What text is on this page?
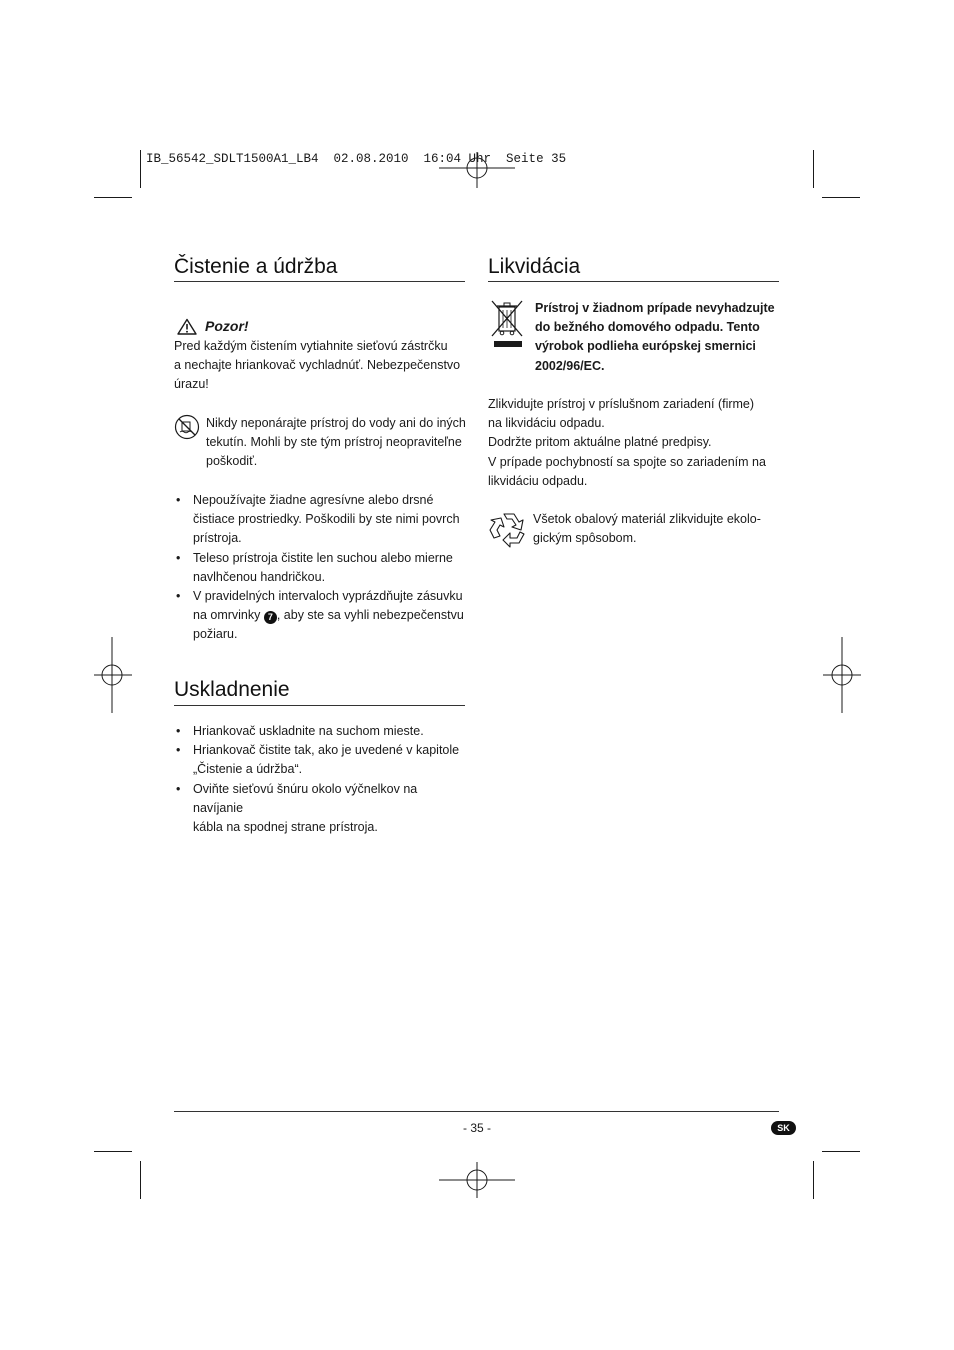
IB_56542_SDLT1500A1_LB4  02.08.2010  16:04 Uhr  Seite 35
Čistenie a údržba
Pozor!
Pred každým čistením vytiahnite sieťovú zástrčku
a nechajte hriankovač vychladnúť. Nebezpečenstvo
úrazu!
Nikdy neponárajte prístroj do vody ani do iných
tekutín. Mohli by ste tým prístroj neopraviteľne
poškodiť.
• Nepoužívajte žiadne agresívne alebo drsné
čistiace prostriedky. Poškodili by ste nimi povrch
prístroja.
• Teleso prístroja čistite len suchou alebo mierne
navlhčenou handričkou.
• V pravidelných intervaloch vyprázdňujte zásuvku
na omrvinky 7 , aby ste sa vyhli nebezpečenstvu
požiaru.
Uskladnenie
• Hriankovač uskladnite na suchom mieste.
• Hriankovač čistite tak, ako je uvedené v kapitole
„Čistenie a údržba“.
• Oviňte sieťovú šnúru okolo výčnelkov na navíjanie
kábla na spodnej strane prístroja.
Likvidácia
Prístroj v žiadnom prípade nevyhadzujte
do bežného domového odpadu. Tento
výrobok podlieha európskej smernici
2002/96/EC.
Zlikvidujte prístroj v príslušnom zariadení (firme)
na likvidáciu odpadu.
Dodržte pritom aktuálne platné predpisy.
V prípade pochybností sa spojte so zariadením na
likvidáciu odpadu.
Všetok obalový materiál zlikvidujte ekolo-
gickým spôsobom.
- 35 -	SK
